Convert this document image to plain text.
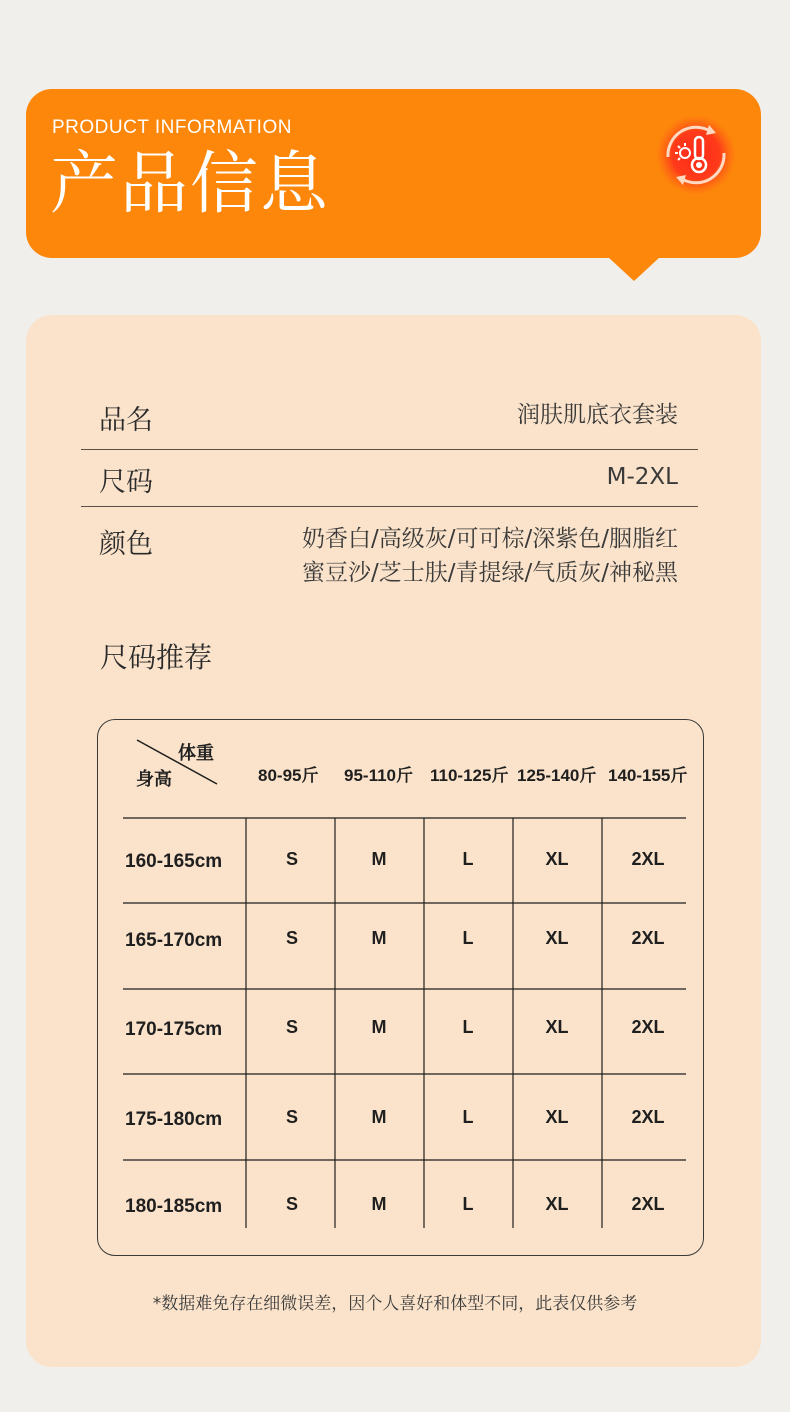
PRODUCT INFORMATION
产品信息
品名	润肤肌底衣套装
尺码	M-2XL
颜色	奶香白/高级灰/可可棕/深紫色/胭脂红
蜜豆沙/芝士肤/青提绿/气质灰/神秘黑
尺码推荐
体重
身高	80-95斤 95-110斤 110-125斤 125-140斤 140-155斤
160-165cm	S	M	L	XL	2XL
165-170cm	S	M	L	XL	2XL
170-175cm	S	M	L	XL	2XL
175-180cm	S	M	L	XL	2XL
180-185cm	S	M	L	XL	2XL
*数据难免存在细微误差，因个人喜好和体型不同，此表仅供参考
